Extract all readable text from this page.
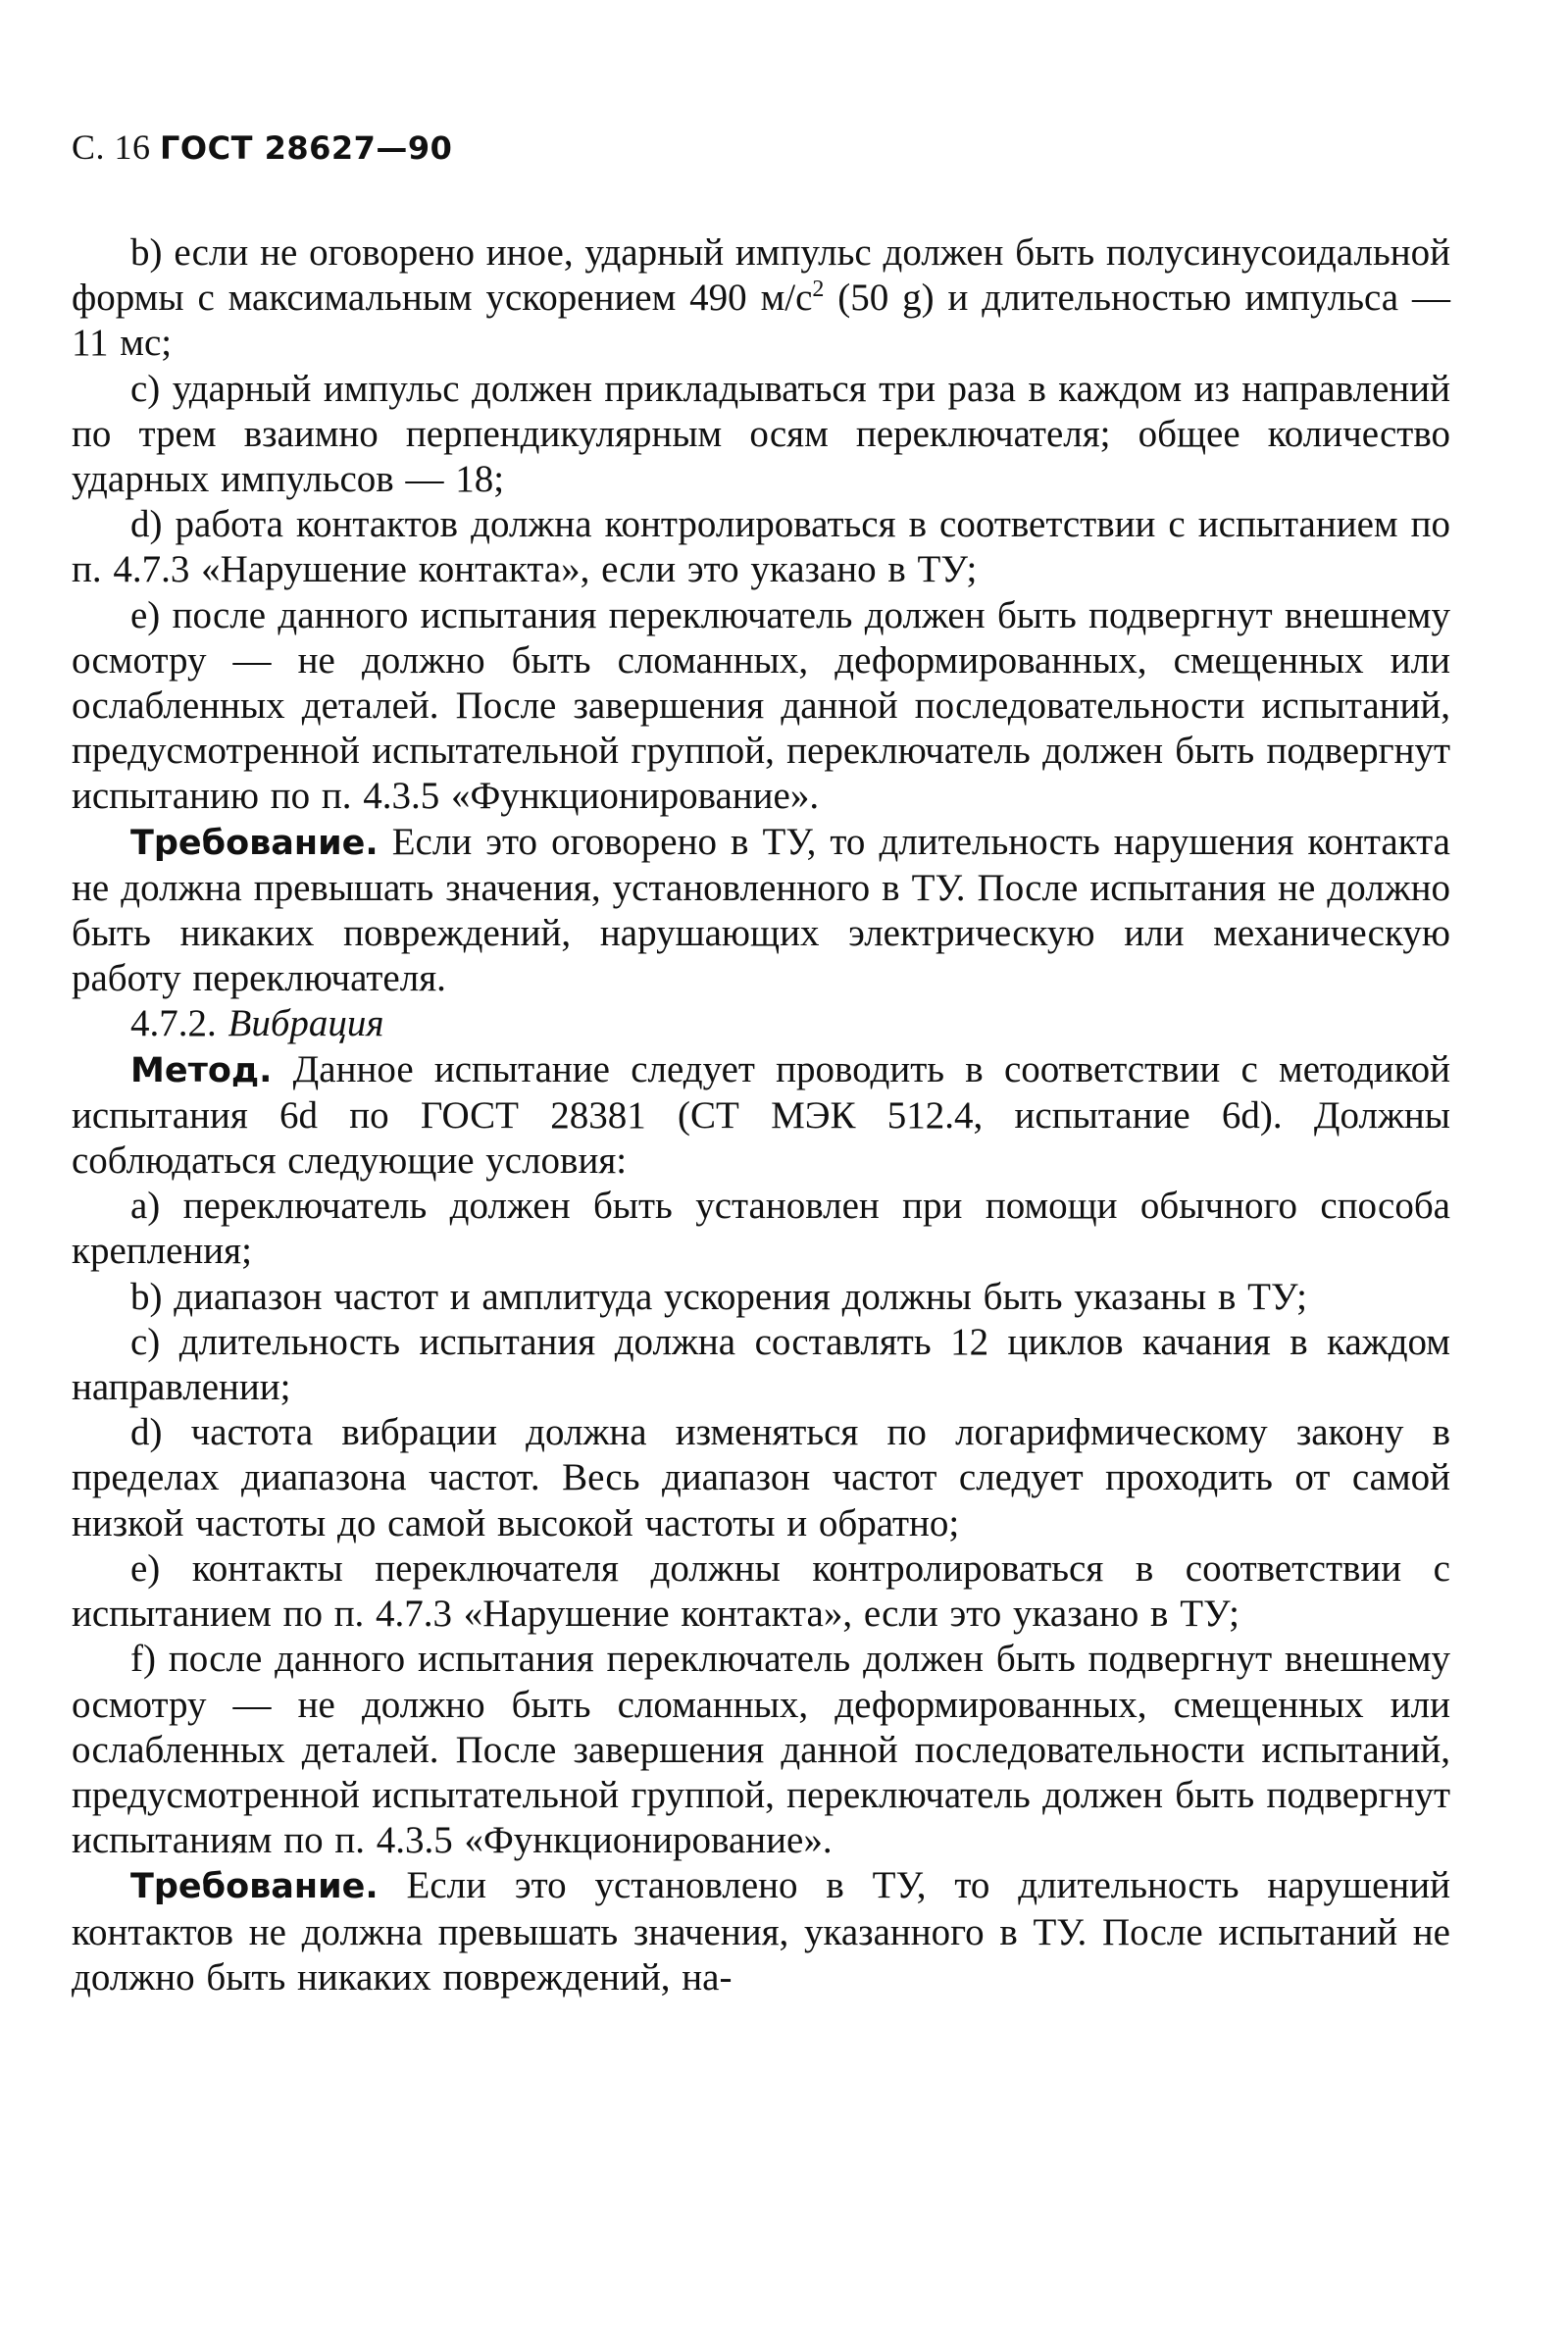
С. 16 ГОСТ 28627—90

b) если не оговорено иное, ударный импульс должен быть полусинусоидальной формы с максимальным ускорением 490 $м/с^2$ (50 g) и длительностью импульса — 11 мс;

c) ударный импульс должен прикладываться три раза в каждом из направлений по трем взаимно перпендикулярным осям переключателя; общее количество ударных импульсов — 18;

d) работа контактов должна контролироваться в соответствии с испытанием по п. 4.7.3 «Нарушение контакта», если это указано в ТУ;

e) после данного испытания переключатель должен быть подвергнут внешнему осмотру — не должно быть сломанных, деформированных, смещенных или ослабленных деталей. После завершения данной последовательности испытаний, предусмотренной испытательной группой, переключатель должен быть подвергнут испытанию по п. 4.3.5 «Функционирование».

Требование. Если это оговорено в ТУ, то длительность нарушения контакта не должна превышать значения, установленного в ТУ. После испытания не должно быть никаких повреждений, нарушающих электрическую или механическую работу переключателя.

4.7.2. Вибрация

Метод. Данное испытание следует проводить в соответствии с методикой испытания 6d по ГОСТ 28381 (СТ МЭК 512.4, испытание 6d). Должны соблюдаться следующие условия:

a) переключатель должен быть установлен при помощи обычного способа крепления;

b) диапазон частот и амплитуда ускорения должны быть указаны в ТУ;

c) длительность испытания должна составлять 12 циклов качания в каждом направлении;

d) частота вибрации должна изменяться по логарифмическому закону в пределах диапазона частот. Весь диапазон частот следует проходить от самой низкой частоты до самой высокой частоты и обратно;

e) контакты переключателя должны контролироваться в соответствии с испытанием по п. 4.7.3 «Нарушение контакта», если это указано в ТУ;

f) после данного испытания переключатель должен быть подвергнут внешнему осмотру — не должно быть сломанных, деформированных, смещенных или ослабленных деталей. После завершения данной последовательности испытаний, предусмотренной испытательной группой, переключатель должен быть подвергнут испытаниям по п. 4.3.5 «Функционирование».

Требование. Если это установлено в ТУ, то длительность нарушений контактов не должна превышать значения, указанного в ТУ. После испытаний не должно быть никаких повреждений, на-
